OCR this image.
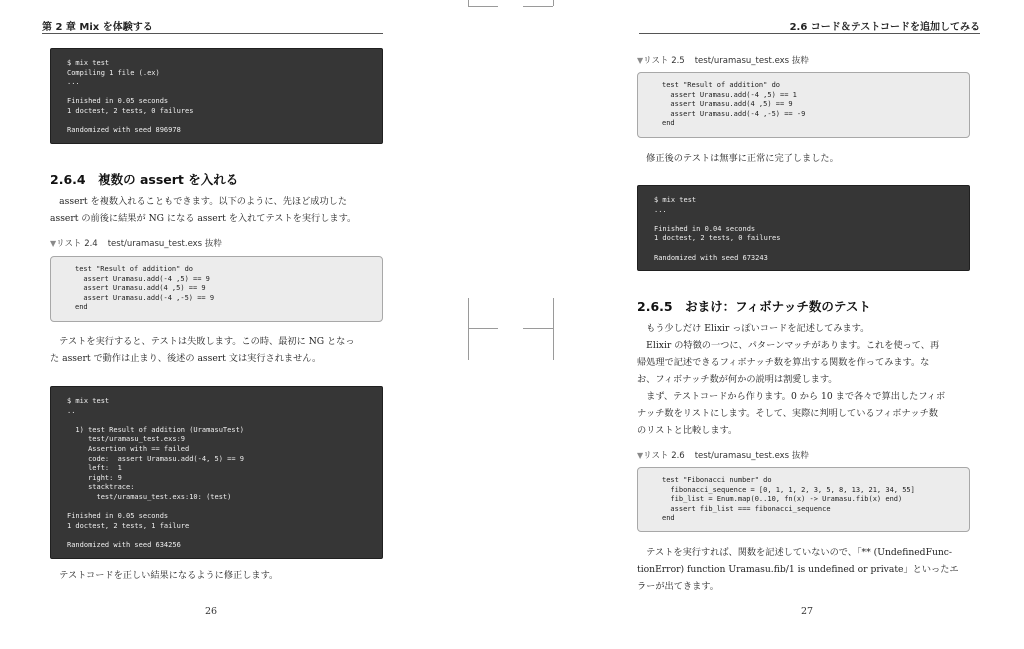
第 2 章 Mix を体験する
$ mix test
Compiling 1 file (.ex)
...
Finished in 0.05 seconds
1 doctest, 2 tests, 0 failures
Randomized with seed 896978
2.6.4　複数の assert を入れる
　assert を複数入れることもできます。以下のように、先ほど成功した
assert の前後に結果が NG になる assert を入れてテストを実行します。
▼リスト 2.4 test/uramasu_test.exs 抜粋
test "Result of addition" do
assert Uramasu.add(-4 ,5) == 9
assert Uramasu.add(4 ,5) == 9
assert Uramasu.add(-4 ,-5) == 9
end
　テストを実行すると、テストは失敗します。この時、最初に NG となっ
た assert で動作は止まり、後述の assert 文は実行されません。
$ mix test
..
1) test Result of addition (UramasuTest)
test/uramasu_test.exs:9
Assertion with == failed
code:  assert Uramasu.add(-4, 5) == 9
left:  1
right: 9
stacktrace:
test/uramasu_test.exs:10: (test)
Finished in 0.05 seconds
1 doctest, 2 tests, 1 failure
Randomized with seed 634256
　テストコードを正しい結果になるように修正します。
26
2.6 コード＆テストコードを追加してみる
▼リスト 2.5 test/uramasu_test.exs 抜粋
test "Result of addition" do
assert Uramasu.add(-4 ,5) == 1
assert Uramasu.add(4 ,5) == 9
assert Uramasu.add(-4 ,-5) == -9
end
　修正後のテストは無事に正常に完了しました。
$ mix test
...
Finished in 0.04 seconds
1 doctest, 2 tests, 0 failures
Randomized with seed 673243
2.6.5　おまけ：フィボナッチ数のテスト
　もう少しだけ Elixir っぽいコードを記述してみます。
　Elixir の特徴の一つに、パターンマッチがあります。これを使って、再
帰処理で記述できるフィボナッチ数を算出する関数を作ってみます。な
お、フィボナッチ数が何かの説明は割愛します。
　まず、テストコードから作ります。0 から 10 まで各々で算出したフィボ
ナッチ数をリストにします。そして、実際に判明しているフィボナッチ数
のリストと比較します。
▼リスト 2.6 test/uramasu_test.exs 抜粋
test "Fibonacci number" do
fibonacci_sequence = [0, 1, 1, 2, 3, 5, 8, 13, 21, 34, 55]
fib_list = Enum.map(0..10, fn(x) -> Uramasu.fib(x) end)
assert fib_list === fibonacci_sequence
end
　テストを実行すれば、関数を記述していないので、「** (UndefinedFunc-
tionError) function Uramasu.fib/1 is undefined or private」といったエ
ラーが出てきます。
27
